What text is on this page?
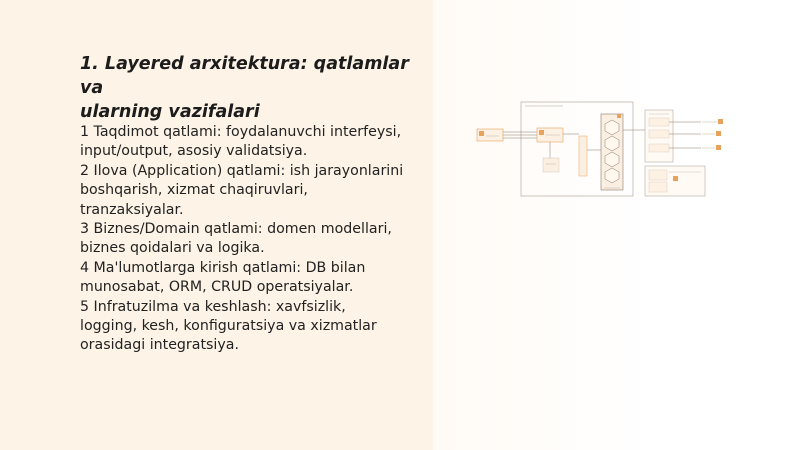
1. Layered arxitektura: qatlamlar va
ularning vazifalari
1 Taqdimot qatlami: foydalanuvchi interfeysi,
input/output, asosiy validatsiya.
2 Ilova (Application) qatlami: ish jarayonlarini
boshqarish, xizmat chaqiruvlari,
tranzaksiyalar.
3 Biznes/Domain qatlami: domen modellari,
biznes qoidalari va logika.
4 Ma'lumotlarga kirish qatlami: DB bilan
munosabat, ORM, CRUD operatsiyalar.
5 Infratuzilma va keshlash: xavfsizlik,
logging, kesh, konfiguratsiya va xizmatlar
orasidagi integratsiya.
